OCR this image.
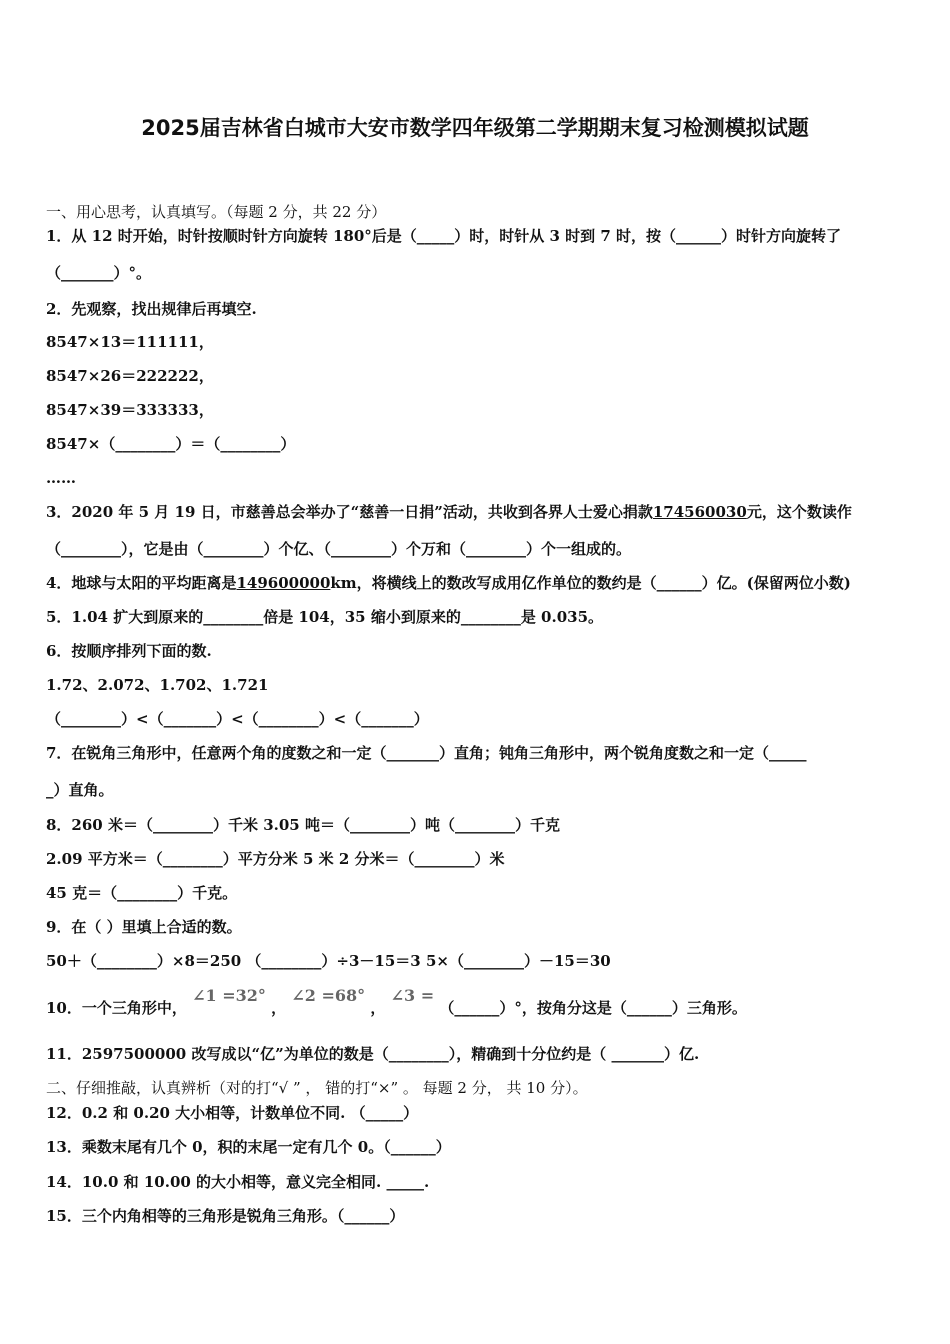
2025届吉林省白城市大安市数学四年级第二学期期末复习检测模拟试题
一、用心思考，认真填写。（每题 2 分，共 22 分）
1．从 12 时开始，时针按顺时针方向旋转 180°后是（_____）时，时针从 3 时到 7 时，按（______）时针方向旋转了
（_______）°。
2．先观察，找出规律后再填空.
8547×13＝111111，
8547×26＝222222，
8547×39＝333333，
8547×（________）＝（________）
……
3．2020 年 5 月 19 日，市慈善总会举办了“慈善一日捐”活动，共收到各界人士爱心捐款174560030元，这个数读作
（________），它是由（________）个亿、（________）个万和（________）个一组成的。
4．地球与太阳的平均距离是149600000km，将横线上的数改写成用亿作单位的数约是（______）亿。(保留两位小数)
5．1.04 扩大到原来的________倍是 104，35 缩小到原来的________是 0.035。
6．按顺序排列下面的数.
1.72、2.072、1.702、1.721
（________）<（_______）<（________）<（_______）
7．在锐角三角形中，任意两个角的度数之和一定（_______）直角；钝角三角形中，两个锐角度数之和一定（_____
_）直角。
8．260 米＝（________）千米 3.05 吨＝（________）吨（________）千克
2.09 平方米＝（________）平方分米 5 米 2 分米＝（________）米
45 克＝（________）千克。
9．在（ ）里填上合适的数。
50＋（________）×8＝250 （________）÷3－15＝3 5×（________）－15＝30
10．一个三角形中， ∠1 =32° ， ∠2 =68° ， ∠3 = （______）°，按角分这是（______）三角形。
11．2597500000 改写成以“亿”为单位的数是（________），精确到十分位约是（ _______）亿.
二、仔细推敲，认真辨析（对的打“√ ” ， 错的打“×” 。 每题 2 分， 共 10 分）。
12．0.2 和 0.20 大小相等，计数单位不同. （_____）
13．乘数末尾有几个 0，积的末尾一定有几个 0。（______）
14．10.0 和 10.00 的大小相等，意义完全相同. _____.
15．三个内角相等的三角形是锐角三角形。（______）
